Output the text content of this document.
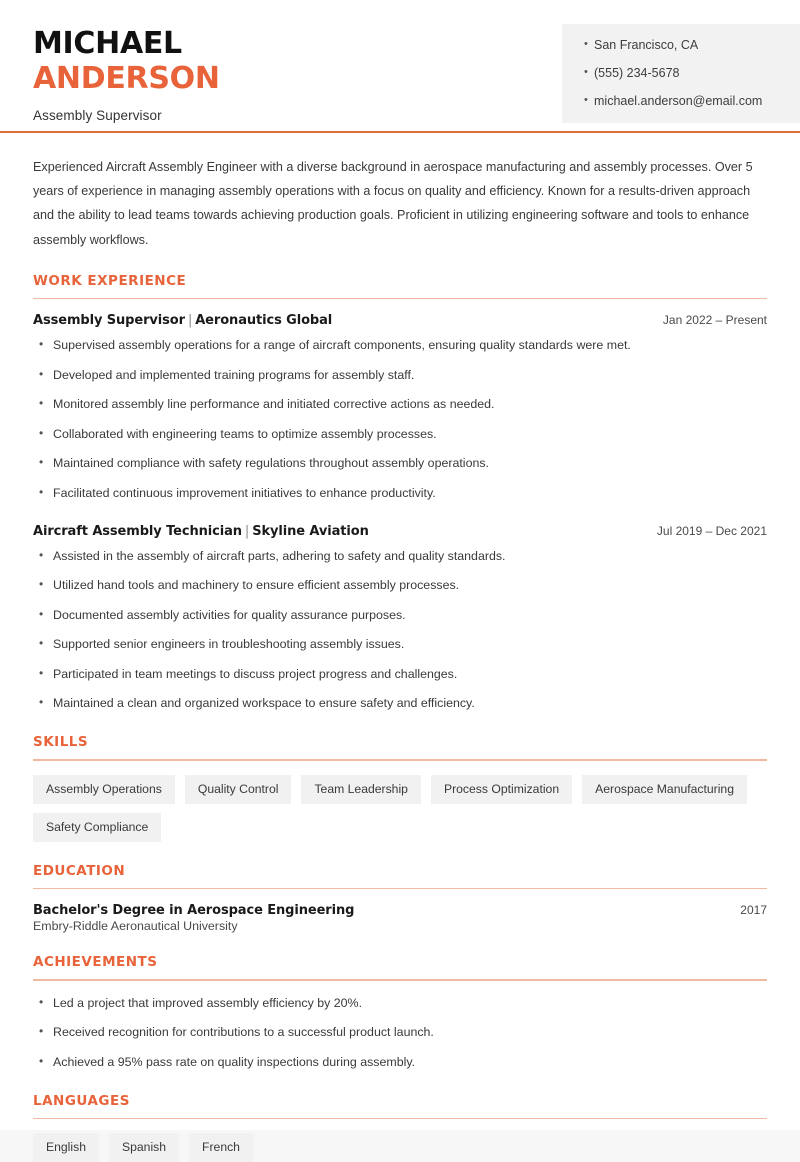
MICHAEL
ANDERSON
Assembly Supervisor
• San Francisco, CA
• (555) 234-5678
• michael.anderson@email.com
Experienced Aircraft Assembly Engineer with a diverse background in aerospace manufacturing and assembly processes. Over 5 years of experience in managing assembly operations with a focus on quality and efficiency. Known for a results-driven approach and the ability to lead teams towards achieving production goals. Proficient in utilizing engineering software and tools to enhance assembly workflows.
WORK EXPERIENCE
Assembly Supervisor | Aeronautics Global	Jan 2022 – Present
• Supervised assembly operations for a range of aircraft components, ensuring quality standards were met.
• Developed and implemented training programs for assembly staff.
• Monitored assembly line performance and initiated corrective actions as needed.
• Collaborated with engineering teams to optimize assembly processes.
• Maintained compliance with safety regulations throughout assembly operations.
• Facilitated continuous improvement initiatives to enhance productivity.
Aircraft Assembly Technician | Skyline Aviation	Jul 2019 – Dec 2021
• Assisted in the assembly of aircraft parts, adhering to safety and quality standards.
• Utilized hand tools and machinery to ensure efficient assembly processes.
• Documented assembly activities for quality assurance purposes.
• Supported senior engineers in troubleshooting assembly issues.
• Participated in team meetings to discuss project progress and challenges.
• Maintained a clean and organized workspace to ensure safety and efficiency.
SKILLS
Assembly Operations	Quality Control	Team Leadership	Process Optimization	Aerospace Manufacturing
Safety Compliance
EDUCATION
Bachelor's Degree in Aerospace Engineering	2017
Embry-Riddle Aeronautical University
ACHIEVEMENTS
• Led a project that improved assembly efficiency by 20%.
• Received recognition for contributions to a successful product launch.
• Achieved a 95% pass rate on quality inspections during assembly.
LANGUAGES
English	Spanish	French
